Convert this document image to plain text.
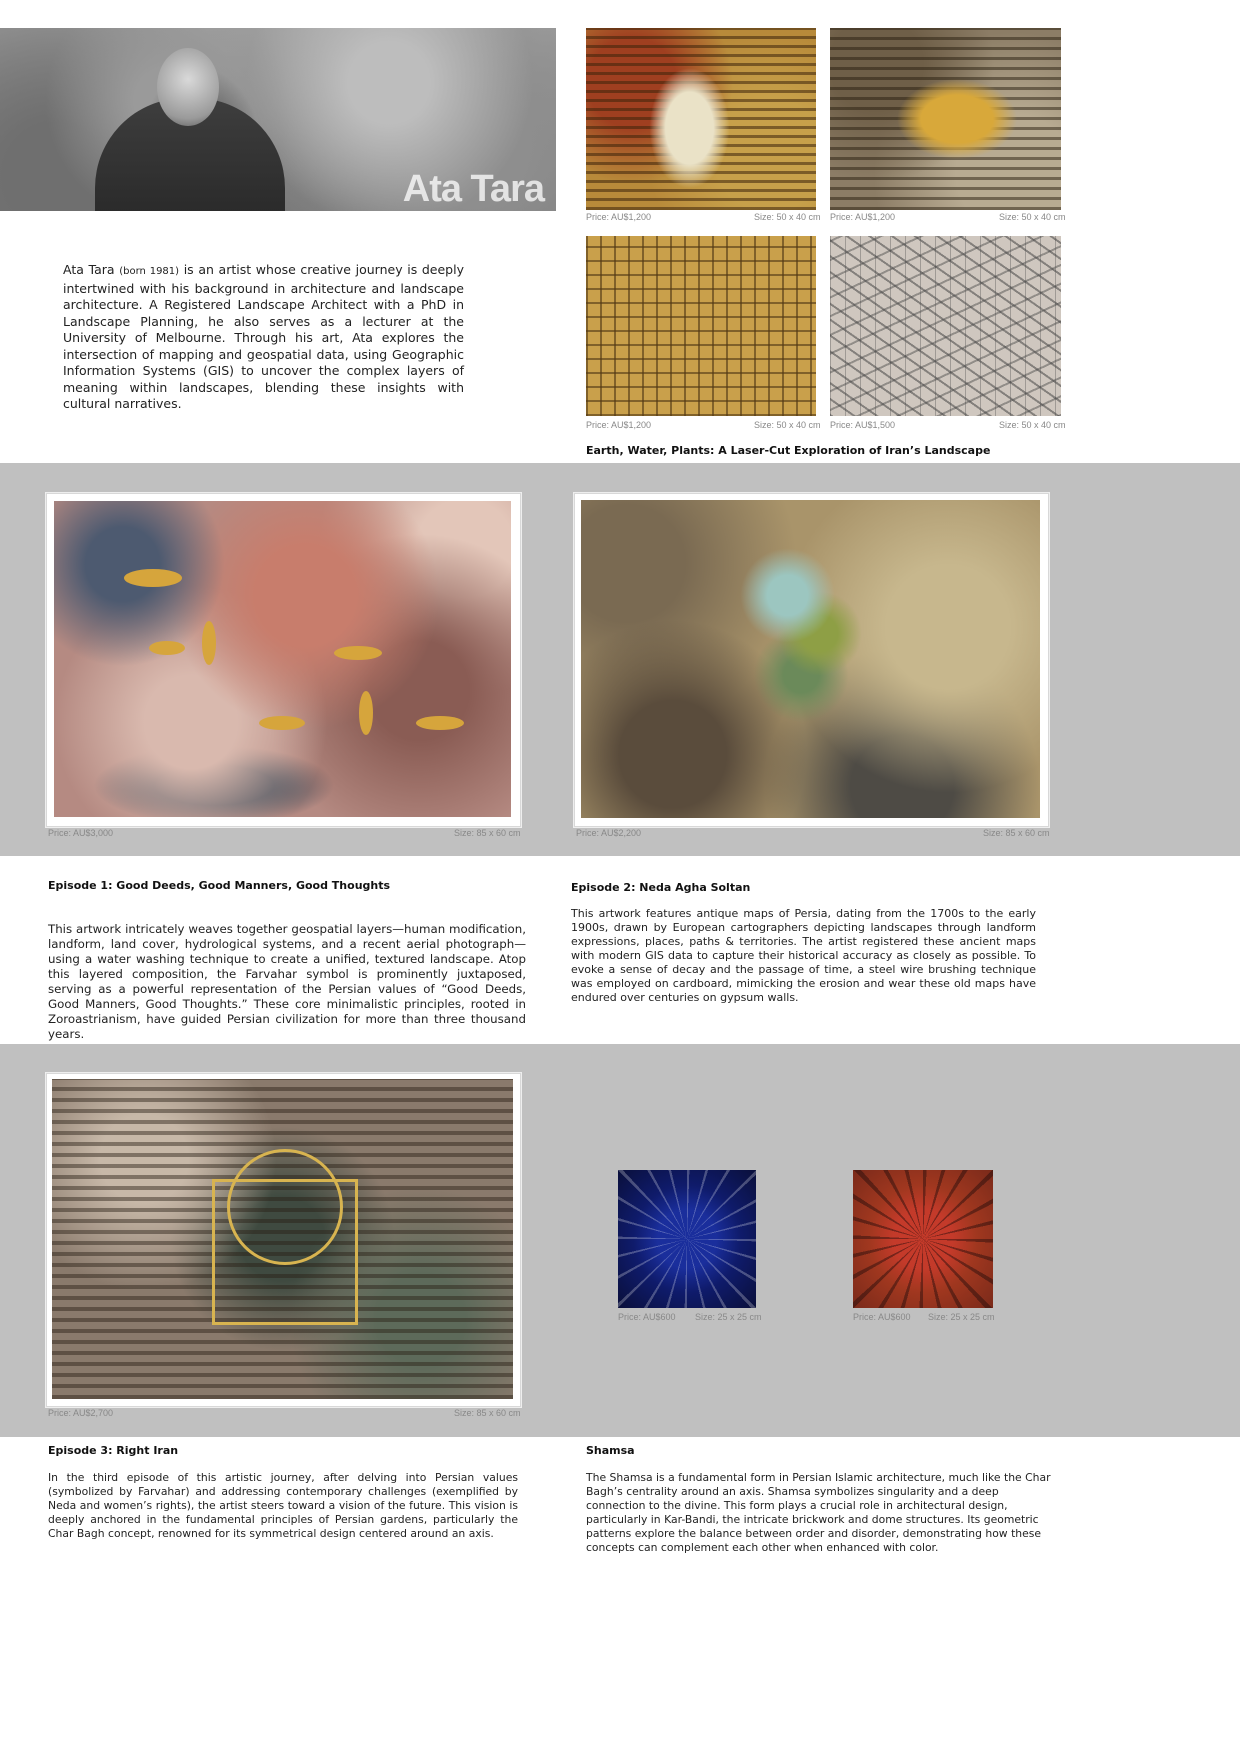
Ata Tara
Ata Tara (born 1981) is an artist whose creative journey is deeply intertwined with his background in architecture and landscape architecture. A Registered Landscape Architect with a PhD in Landscape Planning, he also serves as a lecturer at the University of Melbourne. Through his art, Ata explores the intersection of mapping and geospatial data, using Geographic Information Systems (GIS) to uncover the complex layers of meaning within landscapes, blending these insights with cultural narratives.
Price: AU$1,200	Size: 50 x 40 cm Price: AU$1,200	Size: 50 x 40 cm
Price: AU$1,200	Size: 50 x 40 cm Price: AU$1,500	Size: 50 x 40 cm
Earth, Water, Plants: A Laser-Cut Exploration of Iran’s Landscape
Price: AU$3,000	Size: 85 x 60 cm	Price: AU$2,200	Size: 85 x 60 cm
Episode 1: Good Deeds, Good Manners, Good Thoughts
This artwork intricately weaves together geospatial layers—human modification, landform, land cover, hydrological systems, and a recent aerial photograph—using a water washing technique to create a unified, textured landscape. Atop this layered composition, the Farvahar symbol is prominently juxtaposed, serving as a powerful representation of the Persian values of “Good Deeds, Good Manners, Good Thoughts.” These core minimalistic principles, rooted in Zoroastrianism, have guided Persian civilization for more than three thousand years.
Episode 2: Neda Agha Soltan
This artwork features antique maps of Persia, dating from the 1700s to the early 1900s, drawn by European cartographers depicting landscapes through landform expressions, places, paths & territories. The artist registered these ancient maps with modern GIS data to capture their historical accuracy as closely as possible. To evoke a sense of decay and the passage of time, a steel wire brushing technique was employed on cardboard, mimicking the erosion and wear these old maps have endured over centuries on gypsum walls.
Price: AU$2,700	Size: 85 x 60 cm
Price: AU$600 Size: 25 x 25 cm	Price: AU$600 Size: 25 x 25 cm
Episode 3: Right Iran
In the third episode of this artistic journey, after delving into Persian values (symbolized by Farvahar) and addressing contemporary challenges (exemplified by Neda and women’s rights), the artist steers toward a vision of the future. This vision is deeply anchored in the fundamental principles of Persian gardens, particularly the Char Bagh concept, renowned for its symmetrical design centered around an axis.
Shamsa
The Shamsa is a fundamental form in Persian Islamic architecture, much like the Char Bagh’s centrality around an axis. Shamsa symbolizes singularity and a deep connection to the divine. This form plays a crucial role in architectural design, particularly in Kar-Bandi, the intricate brickwork and dome structures. Its geometric patterns explore the balance between order and disorder, demonstrating how these concepts can complement each other when enhanced with color.
